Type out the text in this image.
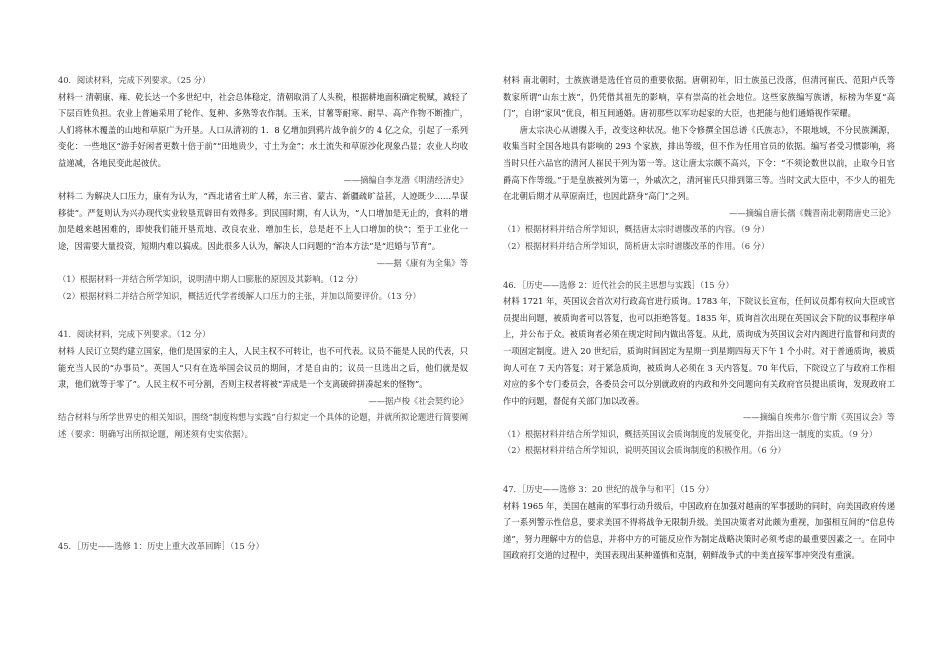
40．阅读材料，完成下列要求。（25 分）

材料一 清朝康、雍、乾长达一个多世纪中，社会总体稳定，清朝取消了人头税，根据耕地面积确定税赋，减轻了下层百姓负担。农业上普遍采用了轮作、复种、多熟等农作制。玉米，甘薯等耐寒、耐旱、高产作物不断推广，人们将林木覆盖的山地和草原广为开垦。人口从清初的 1．8 亿增加到鸦片战争前夕的 4 亿之众，引起了一系列变化：一些地区“游手好闲者更数十倍于前”“田地贵少，寸土为金”；水土流失和草原沙化现象凸显；农业人均收益递减，各地民变此起彼伏。

——摘编自李龙潜《明清经济史》

材料二 为解决人口压力，康有为认为，“西北诸省土旷人稀，东三省、蒙古、新疆疏旷益甚，人迹既少……旱谋移徙”。严复则认为兴办现代实业较垦荒辟田有效得多。到民国时期，有人认为，“人口增加是无止的，食料的增加是越来越困难的，即使我们能开垦荒地、改良农业、增加生长，总是赶不上人口增加的快”；至于工业化一途，因需要大量投资，短期内难以搞成。因此很多人认为，解决人口问题的“治本方法”是“迟婚与节育”。

——据《康有为全集》等

（1）根据材料一并结合所学知识，说明清中期人口膨胀的原因及其影响。（12 分）

（2）根据材料二并结合所学知识，概括近代学者缓解人口压力的主张，并加以简要评价。（13 分）

41．阅读材料，完成下列要求。（12 分）

材料 人民订立契约建立国家，他们是国家的主人，人民主权不可转让，也不可代表。议员不能是人民的代表，只能充当人民的“办事员”。英国人“只有在选举国会议员的期间，才是自由的；议员一旦选出之后，他们就是奴隶，他们就等于零了”。人民主权不可分割，否则主权者将被“弄成是一个支离破碎拼凑起来的怪物”。

——据卢梭《社会契约论》

结合材料与所学世界史的相关知识，围绕“制度构想与实践”自行拟定一个具体的论题，并就所拟论题进行简要阐述（要求：明确写出所拟论题，阐述须有史实依据）。

45．［历史——选修 1：历史上重大改革回眸］（15 分）

材料 南北朝时，士族族谱是选任官员的重要依据。唐朝初年，旧士族虽已没落，但清河崔氏、范阳卢氏等数家所谓“山东士族”，仍凭借其祖先的影响，享有崇高的社会地位。这些家族编写族谱，标榜为华夏“高门”，自诩“家风”优良，相互间通婚。唐初那些以军功起家的大臣，也把能与他们通婚视作荣耀。

唐太宗决心从谱牒入手，改变这种状况。他下令修撰全国总谱《氏族志》，不限地域，不分民族渊源，收集当时全国各地具有影响的 293 个家族，排出等级，但不作为任用官员的依据。编写者受习惯影响，将当时只任六品官的清河人崔民干列为第一等。这让唐太宗颇不高兴，下令：“不须论数世以前，止取今日官爵高下作等级。”于是皇族被列为第一，外戚次之，清河崔氏只排到第三等。当时文武大臣中，不少人的祖先在北朝后期才从草原南迁，也因此跻身“高门”之列。

——摘编自唐长孺《魏晋南北朝隋唐史三论》

（1）根据材料并结合所学知识，概括唐太宗时谱牒改革的内容。（9 分）

（2）根据材料并结合所学知识，简析唐太宗时谱牒改革的作用。（6 分）

46．［历史——选修 2：近代社会的民主思想与实践］（15 分）

材料 1721 年，英国议会首次对行政高官进行质询。1783 年，下院议长宣布，任何议员都有权向大臣或官员提出问题，被质询者可以答复，也可以拒绝答复。1835 年，质询首次出现在英国议会下院的议事程序单上，并公布于众。被质询者必须在规定时间内做出答复。从此，质询成为英国议会对内阁进行监督和问责的一项固定制度。进入 20 世纪后，质询时间固定为星期一到星期四每天下午 1 个小时。对于普通质询，被质询人可在 7 天内答复；对于紧急质询，被质询人必须在 3 天内答复。70 年代后，下院设立了与政府工作相对应的多个专门委员会，各委员会可以分别就政府的内政和外交问题向有关政府官员提出质询，发现政府工作中的问题，督促有关部门加以改善。

——摘编自埃弗尔·詹宁斯《英国议会》等

（1）根据材料并结合所学知识，概括英国议会质询制度的发展变化，并指出这一制度的实质。（9 分）

（2）根据材料并结合所学知识，说明英国议会质询制度的积极作用。（6 分）

47．［历史——选修 3：20 世纪的战争与和平］（15 分）

材料 1965 年，美国在越南的军事行动升级后，中国政府在加强对越南的军事援助的同时，向美国政府传递了一系列警示性信息，要求美国不得将战争无限制升级。美国决策者对此颇为重视，加强相互间的“信息传递”，努力理解中方的信息，并将中方的可能反应作为制定战略决策时必须考虑的最重要因素之一。在同中国政府打交道的过程中，美国表现出某种谨慎和克制，朝鲜战争式的中美直接军事冲突没有重演。
